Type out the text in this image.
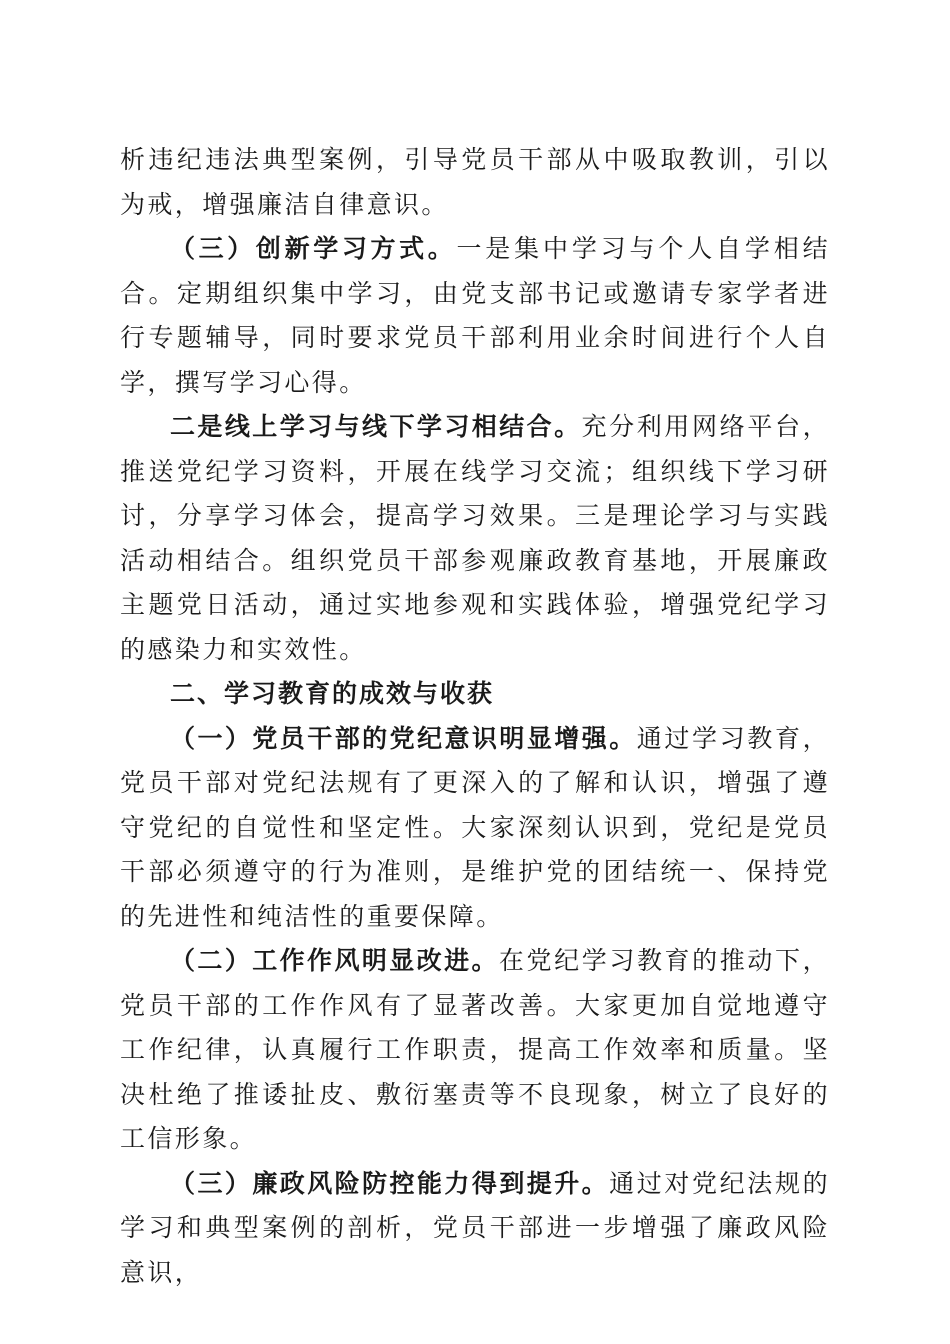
析违纪违法典型案例，引导党员干部从中吸取教训，引以为戒，增强廉洁自律意识。

（三）创新学习方式。一是集中学习与个人自学相结合。定期组织集中学习，由党支部书记或邀请专家学者进行专题辅导，同时要求党员干部利用业余时间进行个人自学，撰写学习心得。

二是线上学习与线下学习相结合。充分利用网络平台，推送党纪学习资料，开展在线学习交流；组织线下学习研讨，分享学习体会，提高学习效果。三是理论学习与实践活动相结合。组织党员干部参观廉政教育基地，开展廉政主题党日活动，通过实地参观和实践体验，增强党纪学习的感染力和实效性。

二、学习教育的成效与收获

（一）党员干部的党纪意识明显增强。通过学习教育，党员干部对党纪法规有了更深入的了解和认识，增强了遵守党纪的自觉性和坚定性。大家深刻认识到，党纪是党员干部必须遵守的行为准则，是维护党的团结统一、保持党的先进性和纯洁性的重要保障。

（二）工作作风明显改进。在党纪学习教育的推动下，党员干部的工作作风有了显著改善。大家更加自觉地遵守工作纪律，认真履行工作职责，提高工作效率和质量。坚决杜绝了推诿扯皮、敷衍塞责等不良现象，树立了良好的工信形象。

（三）廉政风险防控能力得到提升。通过对党纪法规的学习和典型案例的剖析，党员干部进一步增强了廉政风险意识，
